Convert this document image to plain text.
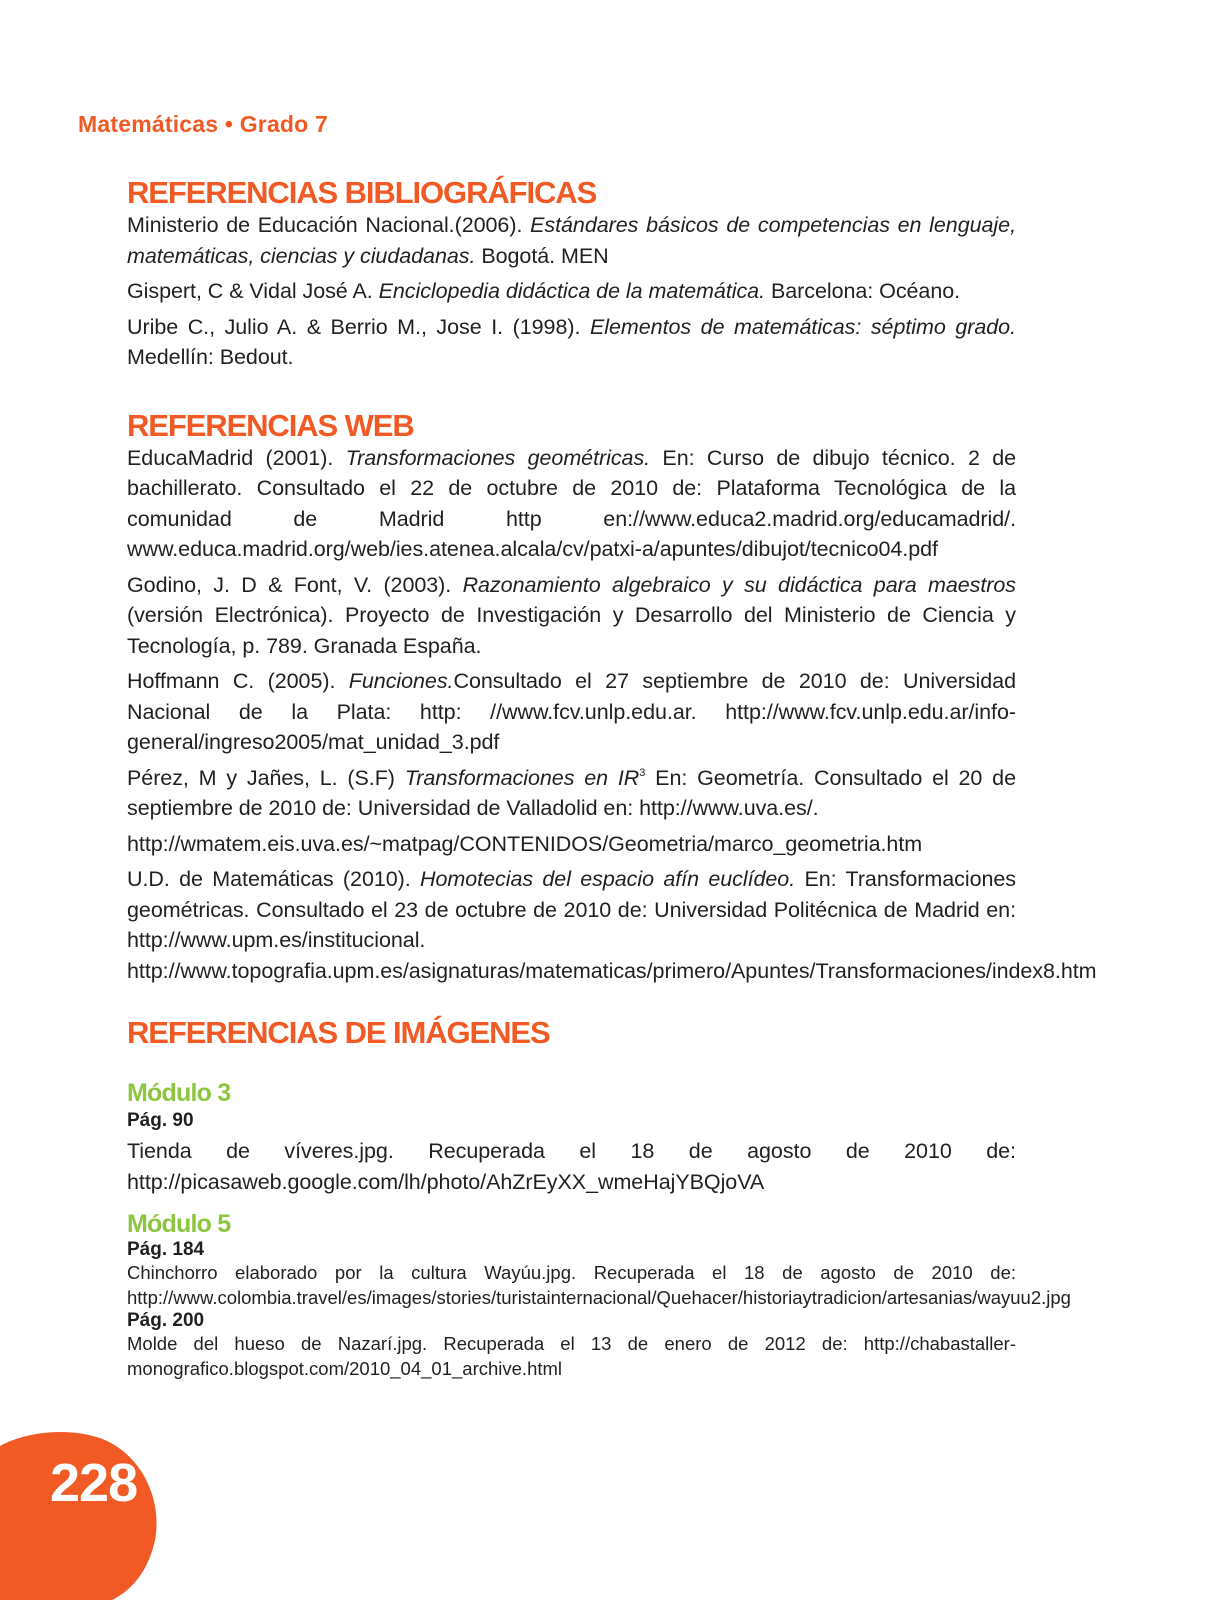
Matemáticas • Grado 7

REFERENCIAS BIBLIOGRÁFICAS

Ministerio de Educación Nacional.(2006). Estándares básicos de competencias en lenguaje, matemáticas, ciencias y ciudadanas. Bogotá. MEN

Gispert, C & Vidal José A. Enciclopedia didáctica de la matemática. Barcelona: Océano.

Uribe C., Julio A. & Berrio M., Jose I. (1998). Elementos de matemáticas: séptimo grado. Medellín: Bedout.

REFERENCIAS WEB

EducaMadrid (2001). Transformaciones geométricas. En: Curso de dibujo técnico. 2 de bachillerato. Consultado el 22 de octubre de 2010 de: Plataforma Tecnológica de la comunidad de Madrid http en://www.educa2.madrid.org/educamadrid/. www.educa.madrid.org/web/ies.atenea.alcala/cv/patxi-a/apuntes/dibujot/tecnico04.pdf

Godino, J. D & Font, V. (2003). Razonamiento algebraico y su didáctica para maestros (versión Electrónica). Proyecto de Investigación y Desarrollo del Ministerio de Ciencia y Tecnología, p. 789. Granada España.

Hoffmann C. (2005). Funciones.Consultado el 27 septiembre de 2010 de: Universidad Nacional de la Plata: http: //www.fcv.unlp.edu.ar. http://www.fcv.unlp.edu.ar/info-general/ingreso2005/mat_unidad_3.pdf

Pérez, M y Jañes, L. (S.F) Transformaciones en $IR^3$ En: Geometría. Consultado el 20 de septiembre de 2010 de: Universidad de Valladolid en: http://www.uva.es/.

http://wmatem.eis.uva.es/~matpag/CONTENIDOS/Geometria/marco_geometria.htm

U.D. de Matemáticas (2010). Homotecias del espacio afín euclídeo. En: Transformaciones geométricas. Consultado el 23 de octubre de 2010 de: Universidad Politécnica de Madrid en: http://www.upm.es/institucional. http://www.topografia.upm.es/asignaturas/matematicas/primero/Apuntes/Transformaciones/index8.htm

REFERENCIAS DE IMÁGENES

Módulo 3

Pág. 90

Tienda de víveres.jpg. Recuperada el 18 de agosto de 2010 de: http://picasaweb.google.com/lh/photo/AhZrEyXX_wmeHajYBQjoVA

Módulo 5

Pág. 184

Chinchorro elaborado por la cultura Wayúu.jpg. Recuperada el 18 de agosto de 2010 de: http://www.colombia.travel/es/images/stories/turistainternacional/Quehacer/historiaytradicion/artesanias/wayuu2.jpg

Pág. 200

Molde del hueso de Nazarí.jpg. Recuperada el 13 de enero de 2012 de: http://chabastaller-monografico.blogspot.com/2010_04_01_archive.html

228
